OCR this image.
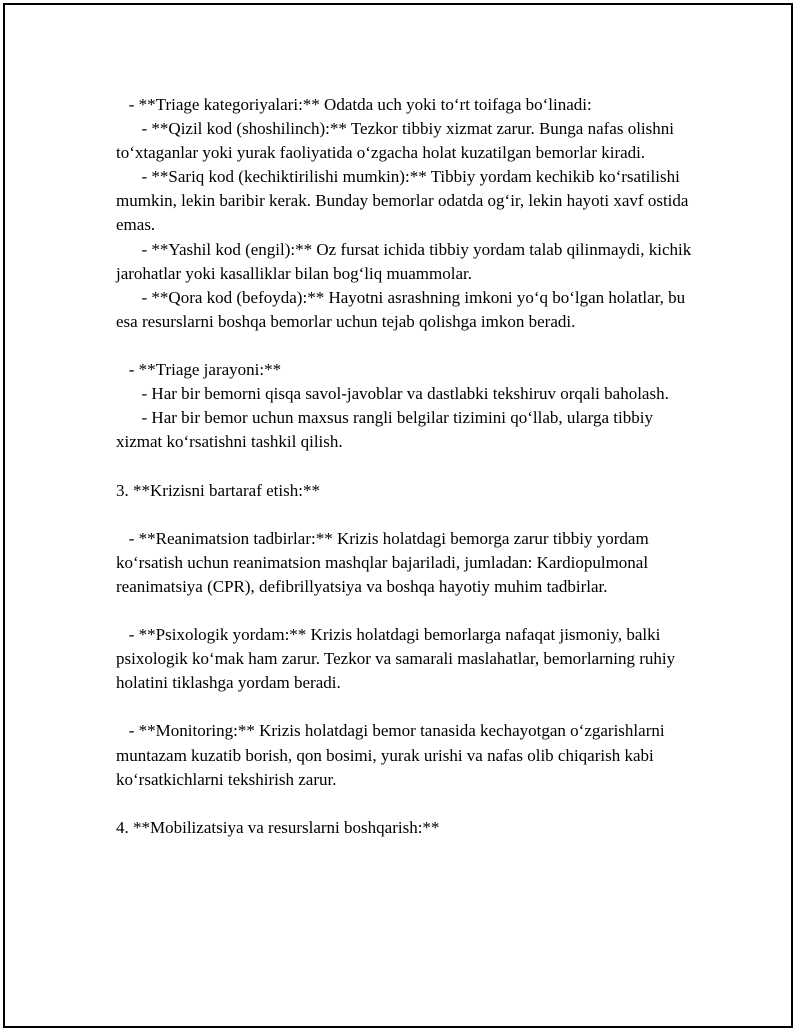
- **Triage kategoriyalari:** Odatda uch yoki to‘rt toifaga bo‘linadi:

- **Qizil kod (shoshilinch):** Tezkor tibbiy xizmat zarur. Bunga nafas olishni to‘xtaganlar yoki yurak faoliyatida o‘zgacha holat kuzatilgan bemorlar kiradi.

- **Sariq kod (kechiktirilishi mumkin):** Tibbiy yordam kechikib ko‘rsatilishi mumkin, lekin baribir kerak. Bunday bemorlar odatda og‘ir, lekin hayoti xavf ostida emas.

- **Yashil kod (engil):** Oz fursat ichida tibbiy yordam talab qilinmaydi, kichik jarohatlar yoki kasalliklar bilan bog‘liq muammolar.

- **Qora kod (befoyda):** Hayotni asrashning imkoni yo‘q bo‘lgan holatlar, bu esa resurslarni boshqa bemorlar uchun tejab qolishga imkon beradi.

- **Triage jarayoni:**

- Har bir bemorni qisqa savol-javoblar va dastlabki tekshiruv orqali baholash.

- Har bir bemor uchun maxsus rangli belgilar tizimini qo‘llab, ularga tibbiy xizmat ko‘rsatishni tashkil qilish.

3. **Krizisni bartaraf etish:**

- **Reanimatsion tadbirlar:** Krizis holatdagi bemorga zarur tibbiy yordam ko‘rsatish uchun reanimatsion mashqlar bajariladi, jumladan: Kardiopulmonal reanimatsiya (CPR), defibrillyatsiya va boshqa hayotiy muhim tadbirlar.

- **Psixologik yordam:** Krizis holatdagi bemorlarga nafaqat jismoniy, balki psixologik ko‘mak ham zarur. Tezkor va samarali maslahatlar, bemorlarning ruhiy holatini tiklashga yordam beradi.

- **Monitoring:** Krizis holatdagi bemor tanasida kechayotgan o‘zgarishlarni muntazam kuzatib borish, qon bosimi, yurak urishi va nafas olib chiqarish kabi ko‘rsatkichlarni tekshirish zarur.

4. **Mobilizatsiya va resurslarni boshqarish:**
